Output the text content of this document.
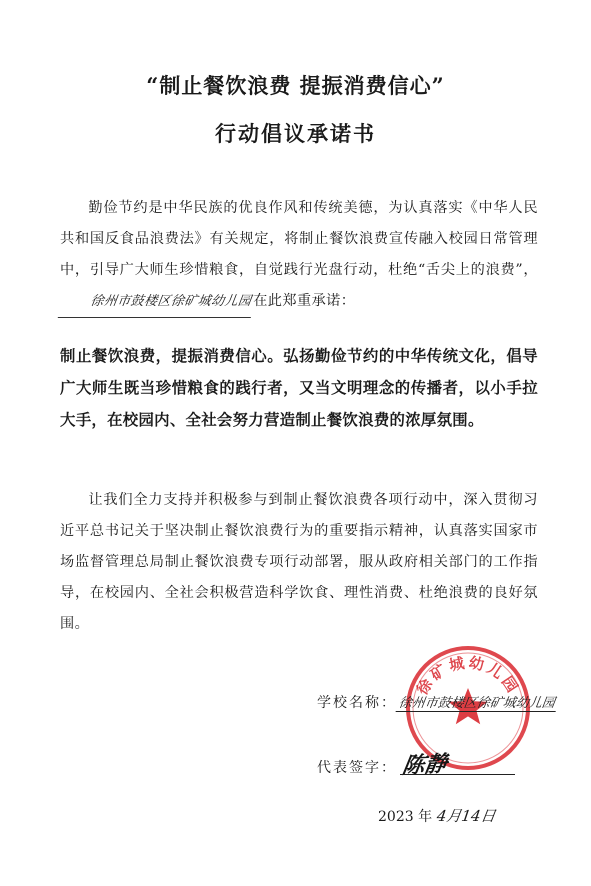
“制止餐饮浪费 提振消费信心”
行动倡议承诺书
勤俭节约是中华民族的优良作风和传统美德，为认真落实《中华人民共和国反食品浪费法》有关规定，将制止餐饮浪费宣传融入校园日常管理中，引导广大师生珍惜粮食，自觉践行光盘行动，杜绝“舌尖上的浪费”，徐州市鼓楼区徐矿城幼儿园在此郑重承诺：
制止餐饮浪费，提振消费信心。弘扬勤俭节约的中华传统文化，倡导广大师生既当珍惜粮食的践行者，又当文明理念的传播者，以小手拉大手，在校园内、全社会努力营造制止餐饮浪费的浓厚氛围。
让我们全力支持并积极参与到制止餐饮浪费各项行动中，深入贯彻习近平总书记关于坚决制止餐饮浪费行为的重要指示精神，认真落实国家市场监督管理总局制止餐饮浪费专项行动部署，服从政府相关部门的工作指导，在校园内、全社会积极营造科学饮食、理性消费、杜绝浪费的良好氛围。
徐矿城幼儿园
学校名称：徐州市鼓楼区徐矿城幼儿园
代表签字： 陈静
2023 年 4月14日
